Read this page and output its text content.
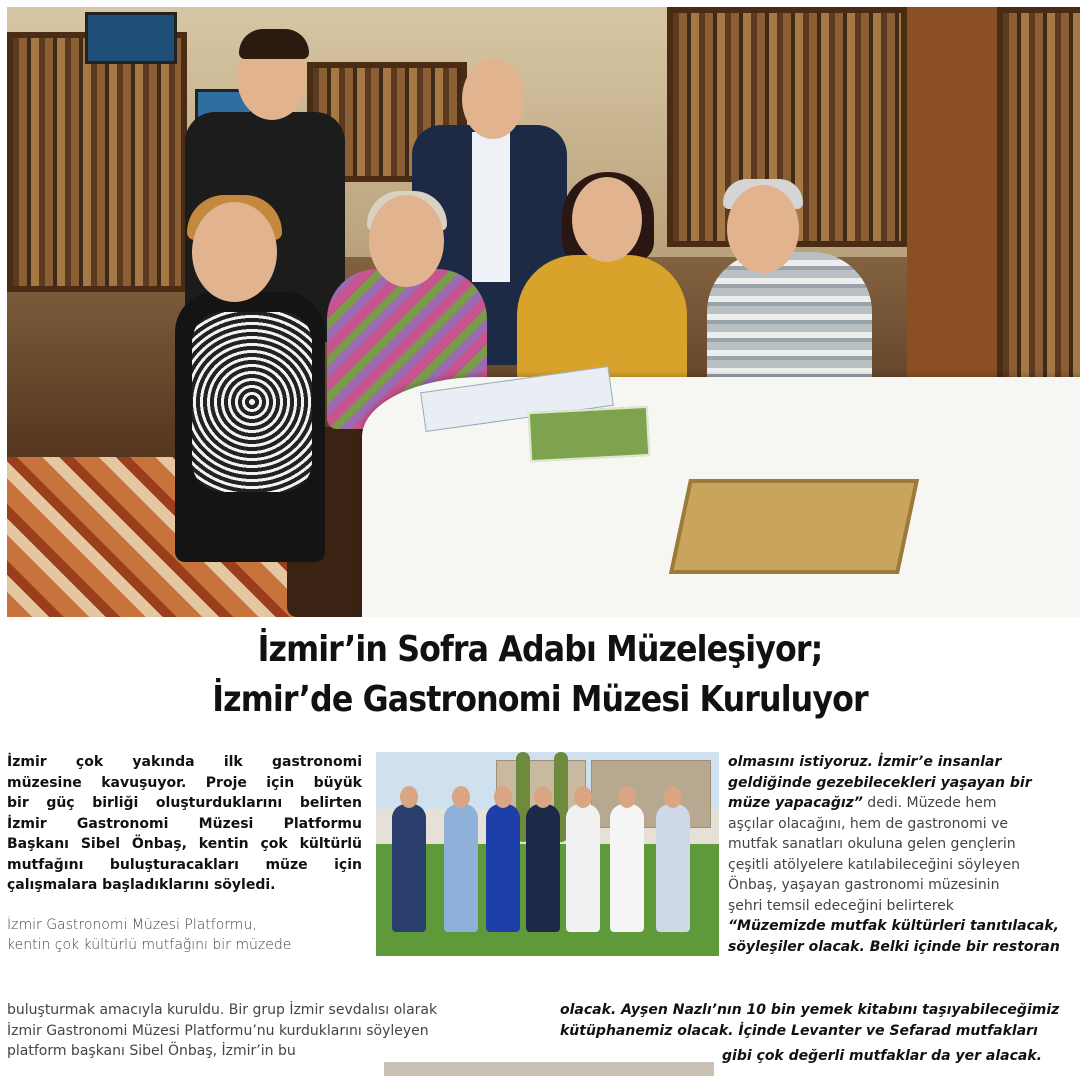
İzmir’in Sofra Adabı Müzeleşiyor;
İzmir’de Gastronomi Müzesi Kuruluyor
İzmir çok yakında ilk gastronomi
müzesine kavuşuyor. Proje için büyük
bir güç birliği oluşturduklarını belirten
İzmir Gastronomi Müzesi Platformu
Başkanı Sibel Önbaş, kentin çok kültürlü
mutfağını buluşturacakları müze için
çalışmalara başladıklarını söyledi.
İzmir Gastronomi Müzesi Platformu,
kentin çok kültürlü mutfağını bir müzede
olmasını istiyoruz. İzmir’e insanlar
geldiğinde gezebilecekleri yaşayan bir
müze yapacağız” dedi. Müzede hem
aşçılar olacağını, hem de gastronomi ve
mutfak sanatları okuluna gelen gençlerin
çeşitli atölyelere katılabileceğini söyleyen
Önbaş, yaşayan gastronomi müzesinin
şehri temsil edeceğini belirterek
“Müzemizde mutfak kültürleri tanıtılacak,
söyleşiler olacak. Belki içinde bir restoran
buluşturmak amacıyla kuruldu. Bir grup İzmir sevdalısı olarak
İzmir Gastronomi Müzesi Platformu’nu kurduklarını söyleyen
platform başkanı Sibel Önbaş, İzmir’in bu
olacak. Ayşen Nazlı’nın 10 bin yemek kitabını taşıyabileceğimiz
kütüphanemiz olacak. İçinde Levanter ve Sefarad mutfakları
gibi çok değerli mutfaklar da yer alacak.
